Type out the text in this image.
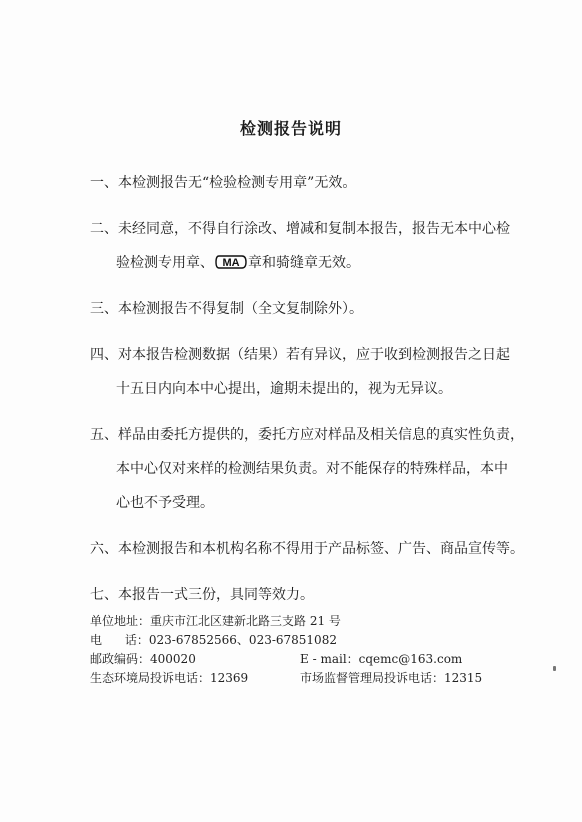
检测报告说明
一、本检测报告无“检验检测专用章”无效。
二、未经同意，不得自行涂改、增减和复制本报告，报告无本中心检
验检测专用章、 MA 章和骑缝章无效。
三、本检测报告不得复制（全文复制除外）。
四、对本报告检测数据（结果）若有异议，应于收到检测报告之日起
十五日内向本中心提出，逾期未提出的，视为无异议。
五、样品由委托方提供的，委托方应对样品及相关信息的真实性负责，
本中心仅对来样的检测结果负责。对不能保存的特殊样品，本中
心也不予受理。
六、本检测报告和本机构名称不得用于产品标签、广告、商品宣传等。
七、本报告一式三份，具同等效力。
单位地址：重庆市江北区建新北路三支路 21 号
电      话：023-67852566、023-67851082
邮政编码：400020	E - mail：cqemc@163.com
生态环境局投诉电话：12369	市场监督管理局投诉电话：12315
